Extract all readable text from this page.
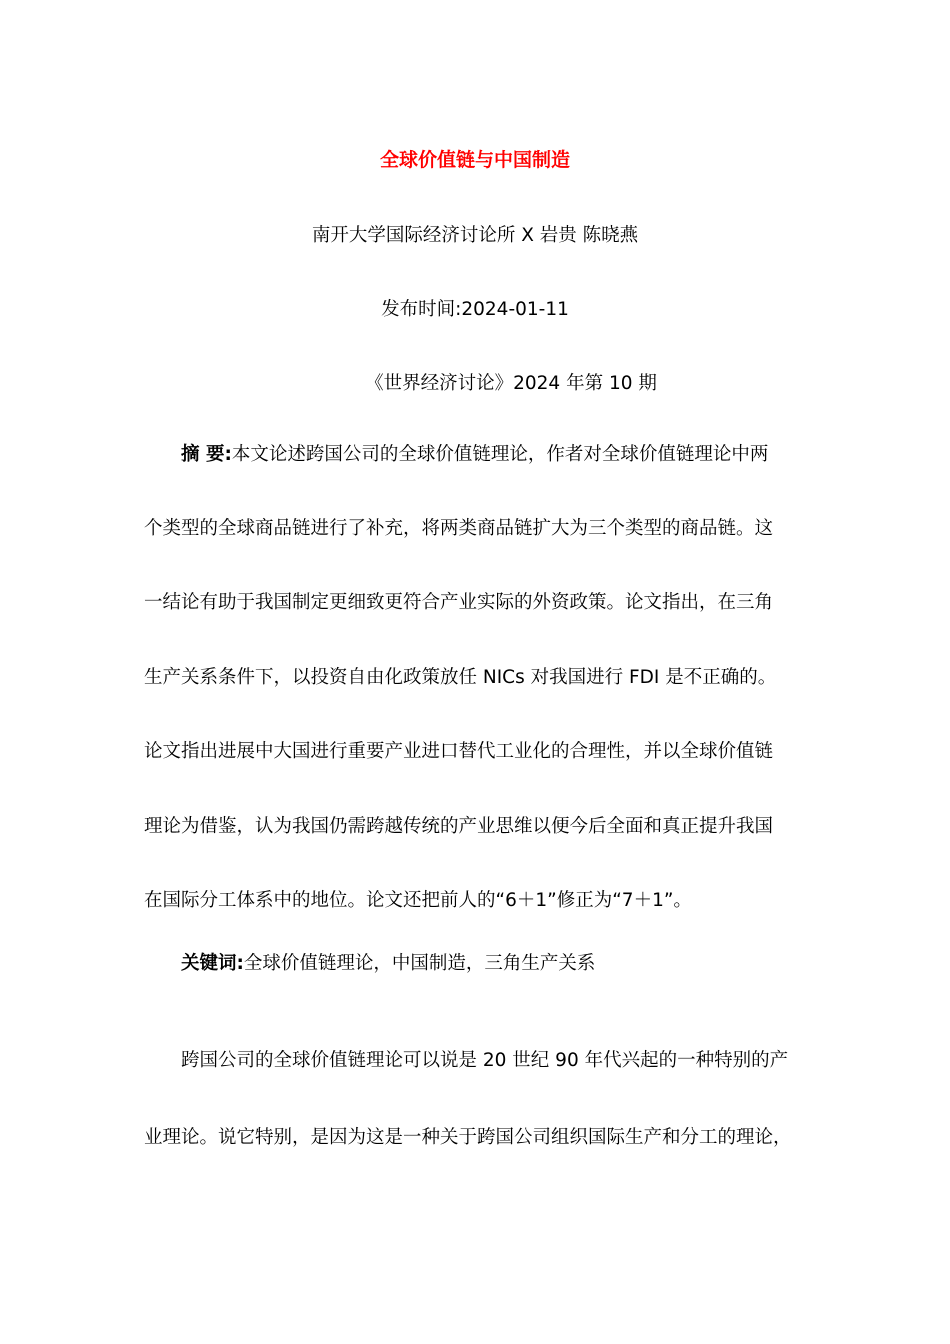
全球价值链与中国制造
南开大学国际经济讨论所 X 岩贵 陈晓燕
发布时间:2024-01-11
《世界经济讨论》2024 年第 10 期
摘 要:本文论述跨国公司的全球价值链理论，作者对全球价值链理论中两
个类型的全球商品链进行了补充，将两类商品链扩大为三个类型的商品链。这
一结论有助于我国制定更细致更符合产业实际的外资政策。论文指出，在三角
生产关系条件下，以投资自由化政策放任 NICs 对我国进行 FDI 是不正确的。
论文指出进展中大国进行重要产业进口替代工业化的合理性，并以全球价值链
理论为借鉴，认为我国仍需跨越传统的产业思维以便今后全面和真正提升我国
在国际分工体系中的地位。论文还把前人的“6＋1”修正为“7＋1”。
关键词:全球价值链理论，中国制造，三角生产关系
跨国公司的全球价值链理论可以说是 20 世纪 90 年代兴起的一种特别的产
业理论。说它特别，是因为这是一种关于跨国公司组织国际生产和分工的理论，
